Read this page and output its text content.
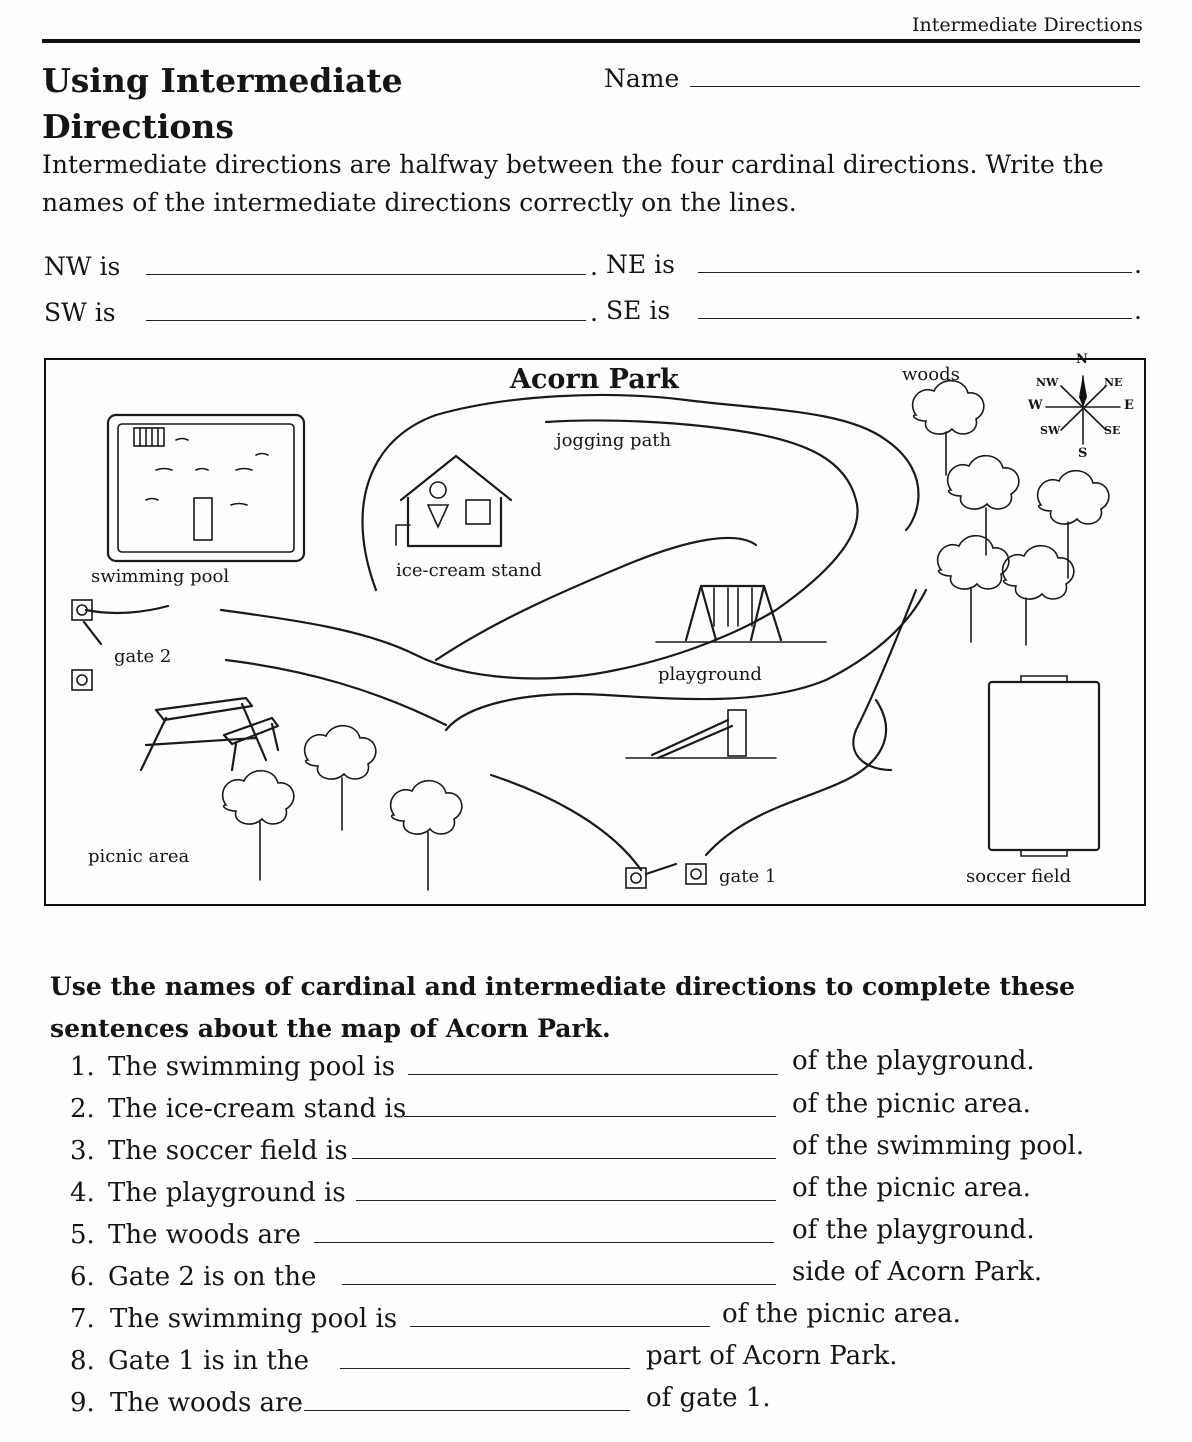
Intermediate Directions
Using Intermediate
Directions
Name
Intermediate directions are halfway between the four cardinal directions. Write the
names of the intermediate directions correctly on the lines.
NW is	. NE is	.
SW is	. SE is	.
Acorn Park
jogging path
woods
swimming pool	ice-cream stand
gate 2
playground
picnic area
gate 1	soccer field
N
S
E
W
NW	NE
SW	SE
Use the names of cardinal and intermediate directions to complete these
sentences about the map of Acorn Park.
1. The swimming pool is	of the playground.
2. The ice-cream stand is	of the picnic area.
3. The soccer field is	of the swimming pool.
4. The playground is	of the picnic area.
5. The woods are	of the playground.
6. Gate 2 is on the	side of Acorn Park.
7. The swimming pool is	of the picnic area.
8. Gate 1 is in the	part of Acorn Park.
9. The woods are	of gate 1.
